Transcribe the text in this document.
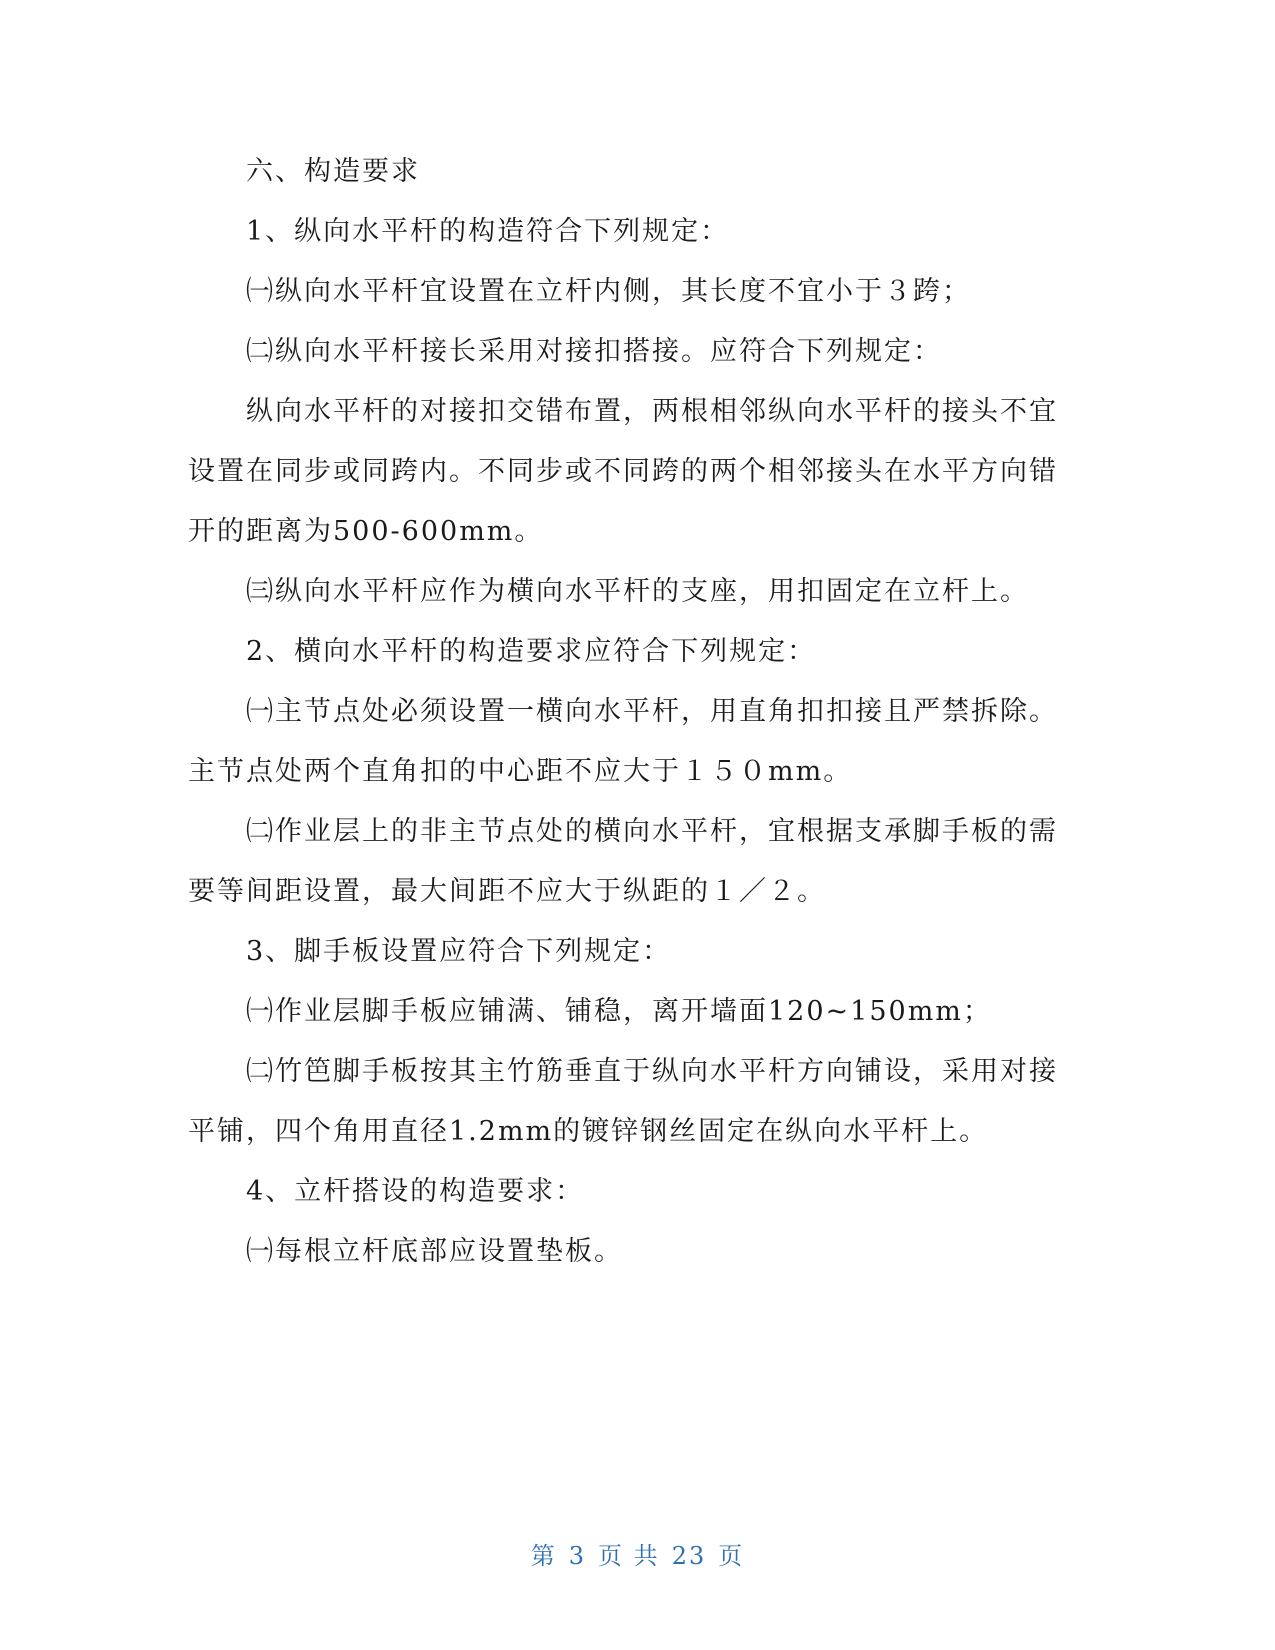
六、构造要求

1、纵向水平杆的构造符合下列规定：

㈠纵向水平杆宜设置在立杆内侧，其长度不宜小于３跨；

㈡纵向水平杆接长采用对接扣搭接。应符合下列规定：

纵向水平杆的对接扣交错布置，两根相邻纵向水平杆的接头不宜设置在同步或同跨内。不同步或不同跨的两个相邻接头在水平方向错开的距离为500-600mm。

㈢纵向水平杆应作为横向水平杆的支座，用扣固定在立杆上。

2、横向水平杆的构造要求应符合下列规定：

㈠主节点处必须设置一横向水平杆，用直角扣扣接且严禁拆除。主节点处两个直角扣的中心距不应大于１５０mm。

㈡作业层上的非主节点处的横向水平杆，宜根据支承脚手板的需要等间距设置，最大间距不应大于纵距的１／２。

3、脚手板设置应符合下列规定：

㈠作业层脚手板应铺满、铺稳，离开墙面120~150mm；

㈡竹笆脚手板按其主竹筋垂直于纵向水平杆方向铺设，采用对接平铺，四个角用直径1.2mm的镀锌钢丝固定在纵向水平杆上。

4、立杆搭设的构造要求：

㈠每根立杆底部应设置垫板。

第 3 页 共 23 页
